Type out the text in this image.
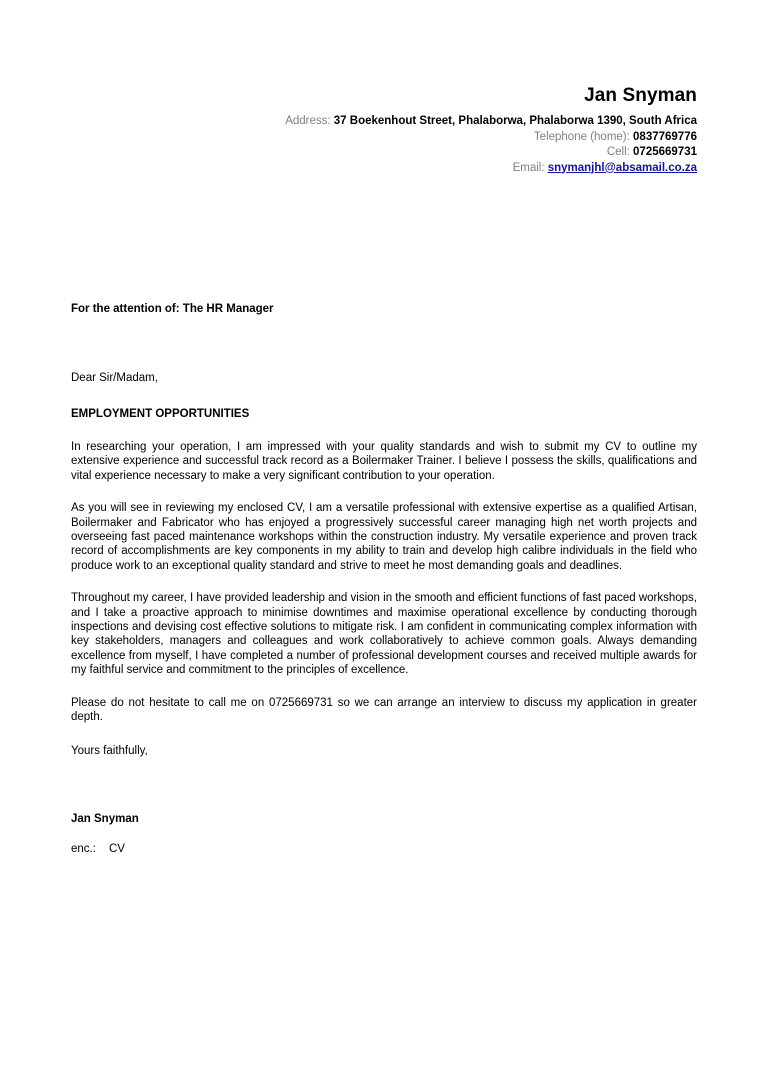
Jan Snyman
Address: 37 Boekenhout Street, Phalaborwa, Phalaborwa 1390, South Africa
Telephone (home): 0837769776
Cell: 0725669731
Email: snymanjhl@absamail.co.za

For the attention of: The HR Manager

Dear Sir/Madam,

EMPLOYMENT OPPORTUNITIES

In researching your operation, I am impressed with your quality standards and wish to submit my CV to outline my extensive experience and successful track record as a Boilermaker Trainer. I believe I possess the skills, qualifications and vital experience necessary to make a very significant contribution to your operation.

As you will see in reviewing my enclosed CV, I am a versatile professional with extensive expertise as a qualified Artisan, Boilermaker and Fabricator who has enjoyed a progressively successful career managing high net worth projects and overseeing fast paced maintenance workshops within the construction industry. My versatile experience and proven track record of accomplishments are key components in my ability to train and develop high calibre individuals in the field who produce work to an exceptional quality standard and strive to meet he most demanding goals and deadlines.

Throughout my career, I have provided leadership and vision in the smooth and efficient functions of fast paced workshops, and I take a proactive approach to minimise downtimes and maximise operational excellence by conducting thorough inspections and devising cost effective solutions to mitigate risk. I am confident in communicating complex information with key stakeholders, managers and colleagues and work collaboratively to achieve common goals. Always demanding excellence from myself, I have completed a number of professional development courses and received multiple awards for my faithful service and commitment to the principles of excellence.

Please do not hesitate to call me on 0725669731 so we can arrange an interview to discuss my application in greater depth.

Yours faithfully,

Jan Snyman

enc.: CV
